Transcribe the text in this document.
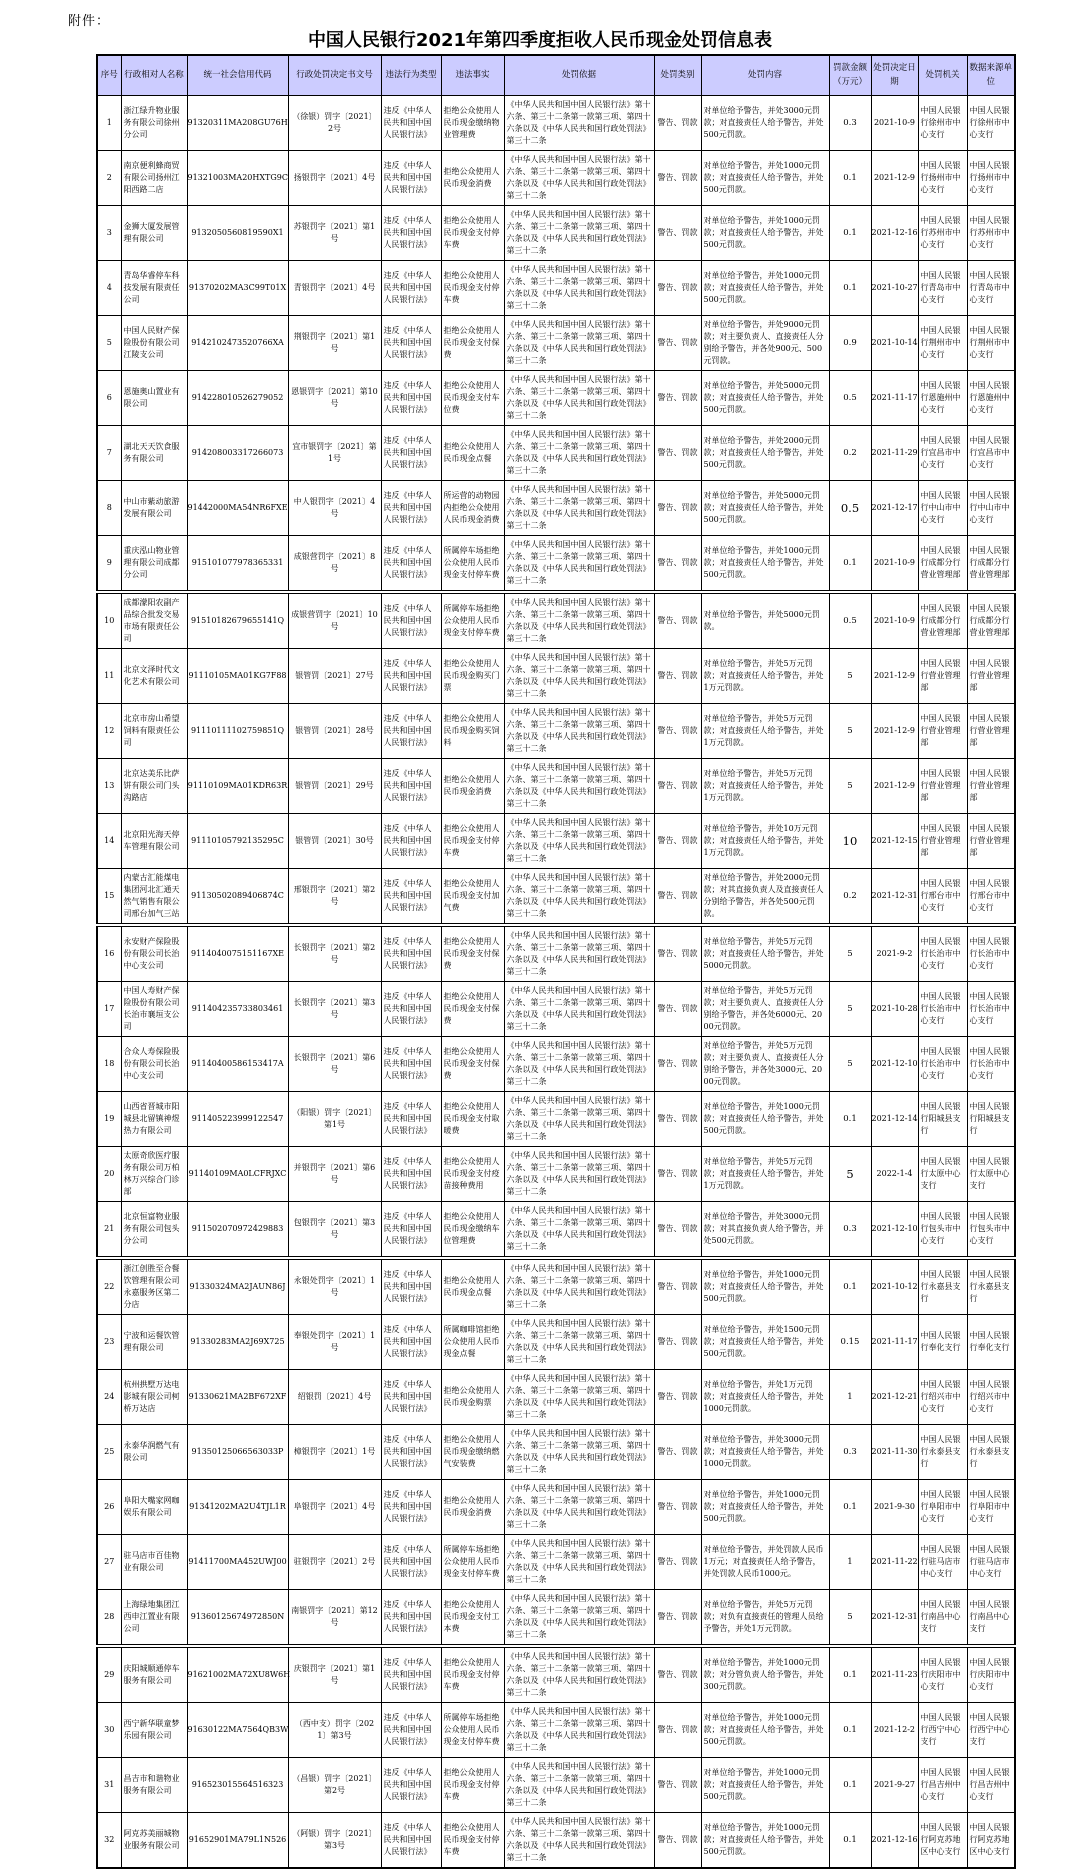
附件：
中国人民银行2021年第四季度拒收人民币现金处罚信息表
序号	行政相对人名称	统一社会信用代码	行政处罚决定书文号	违法行为类型	违法事实	处罚依据	处罚类别	处罚内容	罚款金额（万元）	处罚决定日期	处罚机关	数据来源单位
1	浙江绿升物业服务有限公司徐州分公司	91320311MA208GU76H	（徐银）罚字〔2021〕2号	违反《中华人民共和国中国人民银行法》	拒绝公众使用人民币现金缴纳物业管理费	《中华人民共和国中国人民银行法》第十六条、第三十二条第一款第三项、第四十六条以及《中华人民共和国行政处罚法》第三十二条	警告、罚款	对单位给予警告，并处3000元罚款；对直接责任人给予警告，并处500元罚款。	0.3	2021-10-9	中国人民银行徐州市中心支行	中国人民银行徐州市中心支行
2	南京便利蜂商贸有限公司扬州江阳西路二店	91321003MA20HXTG9C	扬银罚字〔2021〕4号	违反《中华人民共和国中国人民银行法》	拒绝公众使用人民币现金消费	《中华人民共和国中国人民银行法》第十六条、第三十二条第一款第三项、第四十六条以及《中华人民共和国行政处罚法》第三十二条	警告、罚款	对单位给予警告，并处1000元罚款；对直接责任人给予警告，并处500元罚款。	0.1	2021-12-9	中国人民银行扬州市中心支行	中国人民银行扬州市中心支行
3	金狮大厦发展管理有限公司	9132050560819590X1	苏银罚字〔2021〕第1号	违反《中华人民共和国中国人民银行法》	拒绝公众使用人民币现金支付停车费	《中华人民共和国中国人民银行法》第十六条、第三十二条第一款第三项、第四十六条以及《中华人民共和国行政处罚法》第三十二条	警告、罚款	对单位给予警告，并处1000元罚款；对直接责任人给予警告，并处500元罚款。	0.1	2021-12-16	中国人民银行苏州市中心支行	中国人民银行苏州市中心支行
4	青岛华睿停车科技发展有限责任公司	91370202MA3C99T01X	青银罚字〔2021〕4号	违反《中华人民共和国中国人民银行法》	拒绝公众使用人民币现金支付停车费	《中华人民共和国中国人民银行法》第十六条、第三十二条第一款第三项、第四十六条以及《中华人民共和国行政处罚法》第三十二条	警告、罚款	对单位给予警告，并处1000元罚款；对直接责任人给予警告，并处500元罚款。	0.1	2021-10-27	中国人民银行青岛市中心支行	中国人民银行青岛市中心支行
5	中国人民财产保险股份有限公司江陵支公司	9142102473520766XA	荆银罚字〔2021〕第1号	违反《中华人民共和国中国人民银行法》	拒绝公众使用人民币现金支付保费	《中华人民共和国中国人民银行法》第十六条、第三十二条第一款第三项、第四十六条以及《中华人民共和国行政处罚法》第三十二条	警告、罚款	对单位给予警告，并处9000元罚款；对主要负责人、直接责任人分别给予警告，并各处900元、500元罚款。	0.9	2021-10-14	中国人民银行荆州市中心支行	中国人民银行荆州市中心支行
6	恩施奥山置业有限公司	914228010526279052	恩银罚字〔2021〕第10号	违反《中华人民共和国中国人民银行法》	拒绝公众使用人民币现金支付车位费	《中华人民共和国中国人民银行法》第十六条、第三十二条第一款第三项、第四十六条以及《中华人民共和国行政处罚法》第三十二条	警告、罚款	对单位给予警告，并处5000元罚款；对直接责任人给予警告，并处500元罚款。	0.5	2021-11-17	中国人民银行恩施州中心支行	中国人民银行恩施州中心支行
7	湖北天天饮食服务有限公司	914208003317266073	宜市银罚字〔2021〕第1号	违反《中华人民共和国中国人民银行法》	拒绝公众使用人民币现金点餐	《中华人民共和国中国人民银行法》第十六条、第三十二条第一款第三项、第四十六条以及《中华人民共和国行政处罚法》第三十二条	警告、罚款	对单位给予警告，并处2000元罚款；对直接责任人给予警告，并处500元罚款。	0.2	2021-11-29	中国人民银行宜昌市中心支行	中国人民银行宜昌市中心支行
8	中山市紫动旅游发展有限公司	91442000MA54NR6FXE	中人银罚字〔2021〕4号	违反《中华人民共和国中国人民银行法》	所运营的动物园内拒绝公众使用人民币现金消费	《中华人民共和国中国人民银行法》第十六条、第三十二条第一款第三项、第四十六条以及《中华人民共和国行政处罚法》第三十二条	警告、罚款	对单位给予警告，并处5000元罚款；对直接责任人给予警告，并处500元罚款。	0.5	2021-12-17	中国人民银行中山市中心支行	中国人民银行中山市中心支行
9	重庆泓山物业管理有限公司成都分公司	915101077978365331	成银营罚字〔2021〕8号	违反《中华人民共和国中国人民银行法》	所属停车场拒绝公众使用人民币现金支付停车费	《中华人民共和国中国人民银行法》第十六条、第三十二条第一款第三项、第四十六条以及《中华人民共和国行政处罚法》第三十二条	警告、罚款	对单位给予警告，并处1000元罚款；对直接责任人给予警告，并处500元罚款。	0.1	2021-10-9	中国人民银行成都分行营业管理部	中国人民银行成都分行营业管理部
10	成都濛阳农副产品综合批发交易市场有限责任公司	91510182679655141Q	成银营罚字〔2021〕10号	违反《中华人民共和国中国人民银行法》	所属停车场拒绝公众使用人民币现金支付停车费	《中华人民共和国中国人民银行法》第十六条、第三十二条第一款第三项、第四十六条以及《中华人民共和国行政处罚法》第三十二条	警告、罚款	对单位给予警告，并处5000元罚款。	0.5	2021-10-9	中国人民银行成都分行营业管理部	中国人民银行成都分行营业管理部
11	北京文泽时代文化艺术有限公司	91110105MA01KG7F88	银管罚〔2021〕27号	违反《中华人民共和国中国人民银行法》	拒绝公众使用人民币现金购买门票	《中华人民共和国中国人民银行法》第十六条、第三十二条第一款第三项、第四十六条以及《中华人民共和国行政处罚法》第三十二条	警告、罚款	对单位给予警告，并处5万元罚款；对直接责任人给予警告，并处1万元罚款。	5	2021-12-9	中国人民银行营业管理部	中国人民银行营业管理部
12	北京市房山希望饲料有限责任公司	91110111102759851Q	银管罚〔2021〕28号	违反《中华人民共和国中国人民银行法》	拒绝公众使用人民币现金购买饲料	《中华人民共和国中国人民银行法》第十六条、第三十二条第一款第三项、第四十六条以及《中华人民共和国行政处罚法》第三十二条	警告、罚款	对单位给予警告，并处5万元罚款；对直接责任人给予警告，并处1万元罚款。	5	2021-12-9	中国人民银行营业管理部	中国人民银行营业管理部
13	北京达美乐比萨饼有限公司门头沟路店	91110109MA01KDR63R	银管罚〔2021〕29号	违反《中华人民共和国中国人民银行法》	拒绝公众使用人民币现金消费	《中华人民共和国中国人民银行法》第十六条、第三十二条第一款第三项、第四十六条以及《中华人民共和国行政处罚法》第三十二条	警告、罚款	对单位给予警告，并处5万元罚款；对直接责任人给予警告，并处1万元罚款。	5	2021-12-9	中国人民银行营业管理部	中国人民银行营业管理部
14	北京阳光海天停车管理有限公司	91110105792135295C	银管罚〔2021〕30号	违反《中华人民共和国中国人民银行法》	拒绝公众使用人民币现金支付停车费	《中华人民共和国中国人民银行法》第十六条、第三十二条第一款第三项、第四十六条以及《中华人民共和国行政处罚法》第三十二条	警告、罚款	对单位给予警告，并处10万元罚款；对直接责任人给予警告，并处1万元罚款。	10	2021-12-15	中国人民银行营业管理部	中国人民银行营业管理部
15	内蒙古汇能煤电集团河北汇通天然气销售有限公司邢台加气三站	91130502089406874C	邢银罚字〔2021〕第2号	违反《中华人民共和国中国人民银行法》	拒绝公众使用人民币现金支付加气费	《中华人民共和国中国人民银行法》第十六条、第三十二条第一款第三项、第四十六条以及《中华人民共和国行政处罚法》第三十二条	警告、罚款	对单位给予警告，并处2000元罚款；对其直接负责人及直接责任人分别给予警告，并各处500元罚款。	0.2	2021-12-31	中国人民银行邢台市中心支行	中国人民银行邢台市中心支行
16	永安财产保险股份有限公司长治中心支公司	9114040075151167XE	长银罚字〔2021〕第2号	违反《中华人民共和国中国人民银行法》	拒绝公众使用人民币现金支付保费	《中华人民共和国中国人民银行法》第十六条、第三十二条第一款第三项、第四十六条以及《中华人民共和国行政处罚法》第三十二条	警告、罚款	对单位给予警告，并处5万元罚款；对直接责任人给予警告，并处5000元罚款。	5	2021-9-2	中国人民银行长治市中心支行	中国人民银行长治市中心支行
17	中国人寿财产保险股份有限公司长治市襄垣支公司	911404235733803461	长银罚字〔2021〕第3号	违反《中华人民共和国中国人民银行法》	拒绝公众使用人民币现金支付保费	《中华人民共和国中国人民银行法》第十六条、第三十二条第一款第三项、第四十六条以及《中华人民共和国行政处罚法》第三十二条	警告、罚款	对单位给予警告，并处5万元罚款；对主要负责人、直接责任人分别给予警告，并各处6000元、2000元罚款。	5	2021-10-28	中国人民银行长治市中心支行	中国人民银行长治市中心支行
18	合众人寿保险股份有限公司长治中心支公司	91140400586153417A	长银罚字〔2021〕第6号	违反《中华人民共和国中国人民银行法》	拒绝公众使用人民币现金支付保费	《中华人民共和国中国人民银行法》第十六条、第三十二条第一款第三项、第四十六条以及《中华人民共和国行政处罚法》第三十二条	警告、罚款	对单位给予警告，并处5万元罚款；对主要负责人、直接责任人分别给予警告，并各处3000元、2000元罚款。	5	2021-12-10	中国人民银行长治市中心支行	中国人民银行长治市中心支行
19	山西省晋城市阳城县北留镇神煜热力有限公司	911405223999122547	（阳银）罚字〔2021〕第1号	违反《中华人民共和国中国人民银行法》	拒绝公众使用人民币现金支付取暖费	《中华人民共和国中国人民银行法》第十六条、第三十二条第一款第三项、第四十六条以及《中华人民共和国行政处罚法》第三十二条	警告、罚款	对单位给予警告，并处1000元罚款；对直接责任人给予警告，并处500元罚款。	0.1	2021-12-14	中国人民银行阳城县支行	中国人民银行阳城县支行
20	太原奇欣医疗服务有限公司万柏林万兴综合门诊部	91140109MA0LCFRJXC	并银罚字〔2021〕第6号	违反《中华人民共和国中国人民银行法》	拒绝公众使用人民币现金支付疫苗接种费用	《中华人民共和国中国人民银行法》第十六条、第三十二条第一款第三项、第四十六条以及《中华人民共和国行政处罚法》第三十二条	警告、罚款	对单位给予警告，并处5万元罚款；对直接责任人给予警告，并处1万元罚款。	5	2022-1-4	中国人民银行太原中心支行	中国人民银行太原中心支行
21	北京恒富物业服务有限公司包头分公司	911502070972429883	包银罚字〔2021〕第3号	违反《中华人民共和国中国人民银行法》	拒绝公众使用人民币现金缴纳车位管理费	《中华人民共和国中国人民银行法》第十六条、第三十二条第一款第三项、第四十六条以及《中华人民共和国行政处罚法》第三十二条	警告、罚款	对单位给予警告，并处3000元罚款；对其直接负责人给予警告，并处500元罚款。	0.3	2021-12-10	中国人民银行包头市中心支行	中国人民银行包头市中心支行
22	浙江创胜至合餐饮管理有限公司永嘉服务区第二分店	91330324MA2JAUN86J	永银处罚字〔2021〕1号	违反《中华人民共和国中国人民银行法》	拒绝公众使用人民币现金点餐	《中华人民共和国中国人民银行法》第十六条、第三十二条第一款第三项、第四十六条以及《中华人民共和国行政处罚法》第三十二条	警告、罚款	对单位给予警告，并处1000元罚款；对直接责任人给予警告，并处500元罚款。	0.1	2021-10-12	中国人民银行永嘉县支行	中国人民银行永嘉县支行
23	宁波和运餐饮管理有限公司	91330283MA2J69X725	奉银处罚字〔2021〕1号	违反《中华人民共和国中国人民银行法》	所属咖啡馆拒绝公众使用人民币现金点餐	《中华人民共和国中国人民银行法》第十六条、第三十二条第一款第三项、第四十六条以及《中华人民共和国行政处罚法》第三十二条	警告、罚款	对单位给予警告，并处1500元罚款；对直接责任人给予警告，并处500元罚款。	0.15	2021-11-17	中国人民银行奉化支行	中国人民银行奉化支行
24	杭州拱墅万达电影城有限公司柯桥万达店	91330621MA2BF672XF	绍银罚〔2021〕4号	违反《中华人民共和国中国人民银行法》	拒绝公众使用人民币现金购票	《中华人民共和国中国人民银行法》第十六条、第三十二条第一款第三项、第四十六条以及《中华人民共和国行政处罚法》第三十二条	警告、罚款	对单位给予警告，并处1万元罚款；对直接责任人给予警告，并处1000元罚款。	1	2021-12-21	中国人民银行绍兴市中心支行	中国人民银行绍兴市中心支行
25	永泰华润燃气有限公司	91350125066563033P	樟银罚字〔2021〕1号	违反《中华人民共和国中国人民银行法》	拒绝公众使用人民币现金缴纳燃气安装费	《中华人民共和国中国人民银行法》第十六条、第三十二条第一款第三项、第四十六条以及《中华人民共和国行政处罚法》第三十二条	警告、罚款	对单位给予警告，并处3000元罚款；对直接责任人给予警告，并处1000元罚款。	0.3	2021-11-30	中国人民银行永泰县支行	中国人民银行永泰县支行
26	阜阳大嘴家网咖娱乐有限公司	91341202MA2U4TJL1R	阜银罚字〔2021〕4号	违反《中华人民共和国中国人民银行法》	拒绝公众使用人民币现金消费	《中华人民共和国中国人民银行法》第十六条、第三十二条第一款第三项、第四十六条以及《中华人民共和国行政处罚法》第三十二条	警告、罚款	对单位给予警告，并处1000元罚款；对直接责任人给予警告，并处500元罚款。	0.1	2021-9-30	中国人民银行阜阳市中心支行	中国人民银行阜阳市中心支行
27	驻马店市百佳物业有限公司	91411700MA452UWJ00	驻银罚字〔2021〕2号	违反《中华人民共和国中国人民银行法》	所属停车场拒绝公众使用人民币现金支付停车费	《中华人民共和国中国人民银行法》第十六条、第三十二条第一款第三项、第四十六条以及《中华人民共和国行政处罚法》第三十二条	警告、罚款	对单位给予警告，并处罚款人民币1万元；对直接责任人给予警告，并处罚款人民币1000元。	1	2021-11-22	中国人民银行驻马店市中心支行	中国人民银行驻马店市中心支行
28	上海绿地集团江西申江置业有限公司	91360125674972850N	南银罚字〔2021〕第12号	违反《中华人民共和国中国人民银行法》	拒绝公众使用人民币现金支付工本费	《中华人民共和国中国人民银行法》第十六条、第三十二条第一款第三项、第四十六条以及《中华人民共和国行政处罚法》第三十二条	警告、罚款	对单位给予警告，并处5万元罚款；对负有直接责任的管理人员给予警告，并处1万元罚款。	5	2021-12-31	中国人民银行南昌中心支行	中国人民银行南昌中心支行
29	庆阳城顺通停车服务有限公司	91621002MA72XU8W6H	庆银罚字〔2021〕第1号	违反《中华人民共和国中国人民银行法》	拒绝公众使用人民币现金支付停车费	《中华人民共和国中国人民银行法》第十六条、第三十二条第一款第三项、第四十六条以及《中华人民共和国行政处罚法》第三十二条	警告、罚款	对单位给予警告，并处1000元罚款；对分管负责人给予警告，并处300元罚款。	0.1	2021-11-23	中国人民银行庆阳市中心支行	中国人民银行庆阳市中心支行
30	西宁新华联童梦乐园有限公司	91630122MA7564QB3W	（西中支）罚字〔2021〕第3号	违反《中华人民共和国中国人民银行法》	所属停车场拒绝公众使用人民币现金支付停车费	《中华人民共和国中国人民银行法》第十六条、第三十二条第一款第三项、第四十六条以及《中华人民共和国行政处罚法》第三十二条	警告、罚款	对单位给予警告，并处1000元罚款；对直接责任人给予警告，并处500元罚款。	0.1	2021-12-2	中国人民银行西宁中心支行	中国人民银行西宁中心支行
31	昌吉市和谐物业服务有限公司	916523015564516323	（昌银）罚字〔2021〕第2号	违反《中华人民共和国中国人民银行法》	拒绝公众使用人民币现金支付停车费	《中华人民共和国中国人民银行法》第十六条、第三十二条第一款第三项、第四十六条以及《中华人民共和国行政处罚法》第三十二条	警告、罚款	对单位给予警告，并处1000元罚款；对直接责任人给予警告，并处500元罚款。	0.1	2021-9-27	中国人民银行昌吉州中心支行	中国人民银行昌吉州中心支行
32	阿克苏美丽城物业服务有限公司	91652901MA79L1N526	（阿银）罚字〔2021〕第3号	违反《中华人民共和国中国人民银行法》	拒绝公众使用人民币现金支付停车费	《中华人民共和国中国人民银行法》第十六条、第三十二条第一款第三项、第四十六条以及《中华人民共和国行政处罚法》第三十二条	警告、罚款	对单位给予警告，并处1000元罚款；对直接责任人给予警告，并处500元罚款。	0.1	2021-12-16	中国人民银行阿克苏地区中心支行	中国人民银行阿克苏地区中心支行
